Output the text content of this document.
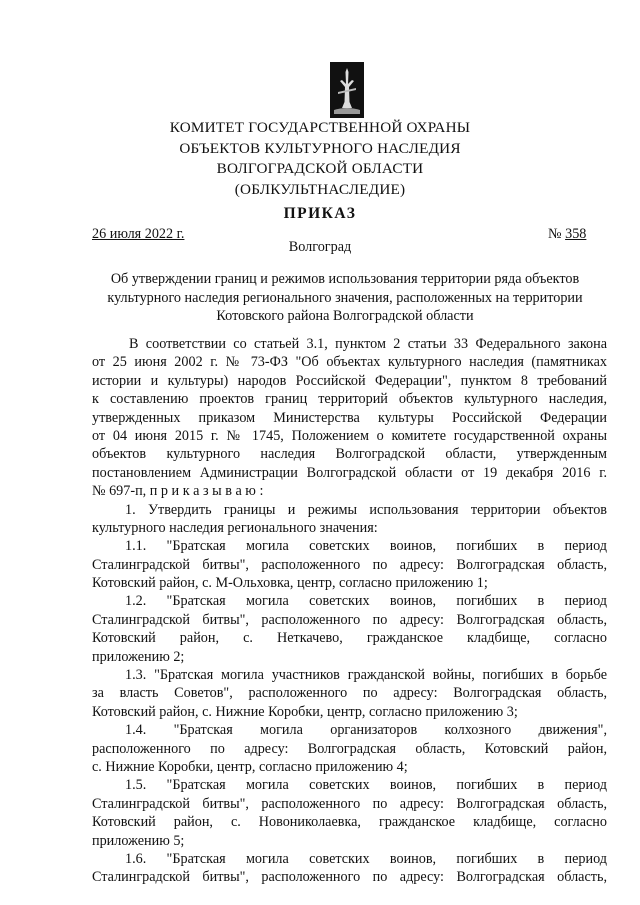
КОМИТЕТ ГОСУДАРСТВЕННОЙ ОХРАНЫ
ОБЪЕКТОВ КУЛЬТУРНОГО НАСЛЕДИЯ
ВОЛГОГРАДСКОЙ ОБЛАСТИ
(ОБЛКУЛЬТНАСЛЕДИЕ)
ПРИКАЗ
26 июля 2022 г.	№ 358
Волгоград
Об утверждении границ и режимов использования территории ряда объектов
культурного наследия регионального значения, расположенных на территории
Котовского района Волгоградской области
В соответствии со статьей 3.1, пунктом 2 статьи 33 Федерального закона
от 25 июня 2002 г. № 73-ФЗ "Об объектах культурного наследия (памятниках
истории и культуры) народов Российской Федерации", пунктом 8 требований
к составлению проектов границ территорий объектов культурного наследия,
утвержденных приказом Министерства культуры Российской Федерации
от 04 июня 2015 г. № 1745, Положением о комитете государственной охраны
объектов культурного наследия Волгоградской области, утвержденным
постановлением Администрации Волгоградской области от 19 декабря 2016 г.
№ 697-п, п р и к а з ы в а ю :
1. Утвердить границы и режимы использования территории объектов
культурного наследия регионального значения:
1.1. "Братская могила советских воинов, погибших в период
Сталинградской битвы", расположенного по адресу: Волгоградская область,
Котовский район, с. М-Ольховка, центр, согласно приложению 1;
1.2. "Братская могила советских воинов, погибших в период
Сталинградской битвы", расположенного по адресу: Волгоградская область,
Котовский район, с. Неткачево, гражданское кладбище, согласно
приложению 2;
1.3. "Братская могила участников гражданской войны, погибших в борьбе
за власть Советов", расположенного по адресу: Волгоградская область,
Котовский район, с. Нижние Коробки, центр, согласно приложению 3;
1.4. "Братская могила организаторов колхозного движения",
расположенного по адресу: Волгоградская область, Котовский район,
с. Нижние Коробки, центр, согласно приложению 4;
1.5. "Братская могила советских воинов, погибших в период
Сталинградской битвы", расположенного по адресу: Волгоградская область,
Котовский район, с. Новониколаевка, гражданское кладбище, согласно
приложению 5;
1.6. "Братская могила советских воинов, погибших в период
Сталинградской битвы", расположенного по адресу: Волгоградская область,
